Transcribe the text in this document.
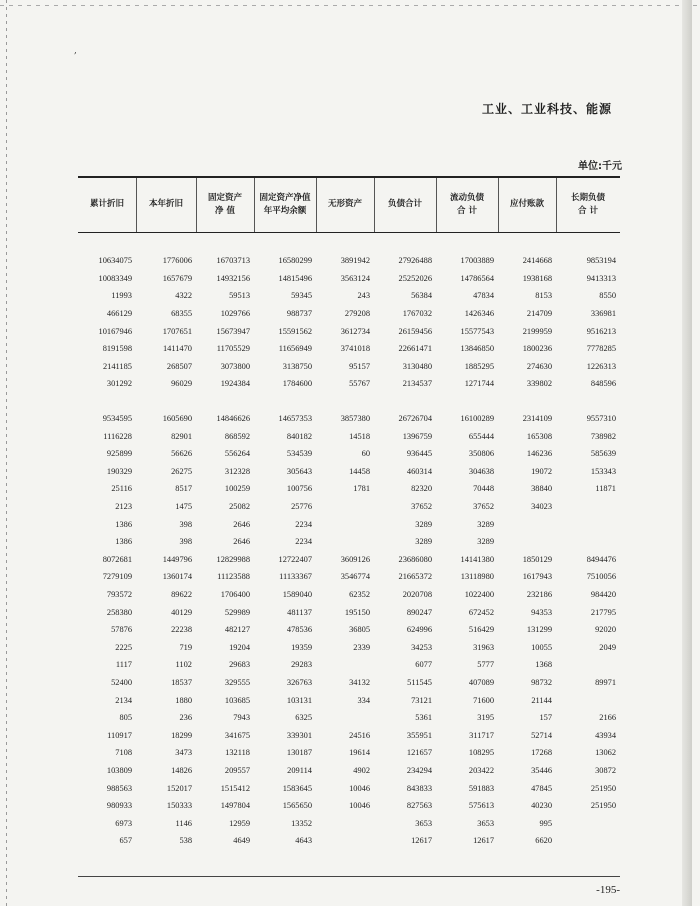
,
工业、工业科技、能源
单位:千元
累计折旧	本年折旧
固定资产
净 值
固定资产净值
年平均余额
无形资产	负债合计
流动负债
合 计
应付账款
长期负债
合 计
10634075	1776006	16703713	16580299	3891942	27926488	17003889	2414668	9853194
10083349	1657679	14932156	14815496	3563124	25252026	14786564	1938168	9413313
11993	4322	59513	59345	243	56384	47834	8153	8550
466129	68355	1029766	988737	279208	1767032	1426346	214709	336981
10167946	1707651	15673947	15591562	3612734	26159456	15577543	2199959	9516213
8191598	1411470	11705529	11656949	3741018	22661471	13846850	1800236	7778285
2141185	268507	3073800	3138750	95157	3130480	1885295	274630	1226313
301292	96029	1924384	1784600	55767	2134537	1271744	339802	848596

9534595	1605690	14846626	14657353	3857380	26726704	16100289	2314109	9557310
1116228	82901	868592	840182	14518	1396759	655444	165308	738982
925899	56626	556264	534539	60	936445	350806	146236	585639
190329	26275	312328	305643	14458	460314	304638	19072	153343
25116	8517	100259	100756	1781	82320	70448	38840	11871
2123	1475	25082	25776		37652	37652	34023	
1386	398	2646	2234		3289	3289		
1386	398	2646	2234		3289	3289		
8072681	1449796	12829988	12722407	3609126	23686080	14141380	1850129	8494476
7279109	1360174	11123588	11133367	3546774	21665372	13118980	1617943	7510056
793572	89622	1706400	1589040	62352	2020708	1022400	232186	984420
258380	40129	529989	481137	195150	890247	672452	94353	217795
57876	22238	482127	478536	36805	624996	516429	131299	92020
2225	719	19204	19359	2339	34253	31963	10055	2049
1117	1102	29683	29283		6077	5777	1368	
52400	18537	329555	326763	34132	511545	407089	98732	89971
2134	1880	103685	103131	334	73121	71600	21144	
805	236	7943	6325		5361	3195	157	2166
110917	18299	341675	339301	24516	355951	311717	52714	43934
7108	3473	132118	130187	19614	121657	108295	17268	13062
103809	14826	209557	209114	4902	234294	203422	35446	30872
988563	152017	1515412	1583645	10046	843833	591883	47845	251950
980933	150333	1497804	1565650	10046	827563	575613	40230	251950
6973	1146	12959	13352		3653	3653	995	
657	538	4649	4643		12617	12617	6620	
-195-
